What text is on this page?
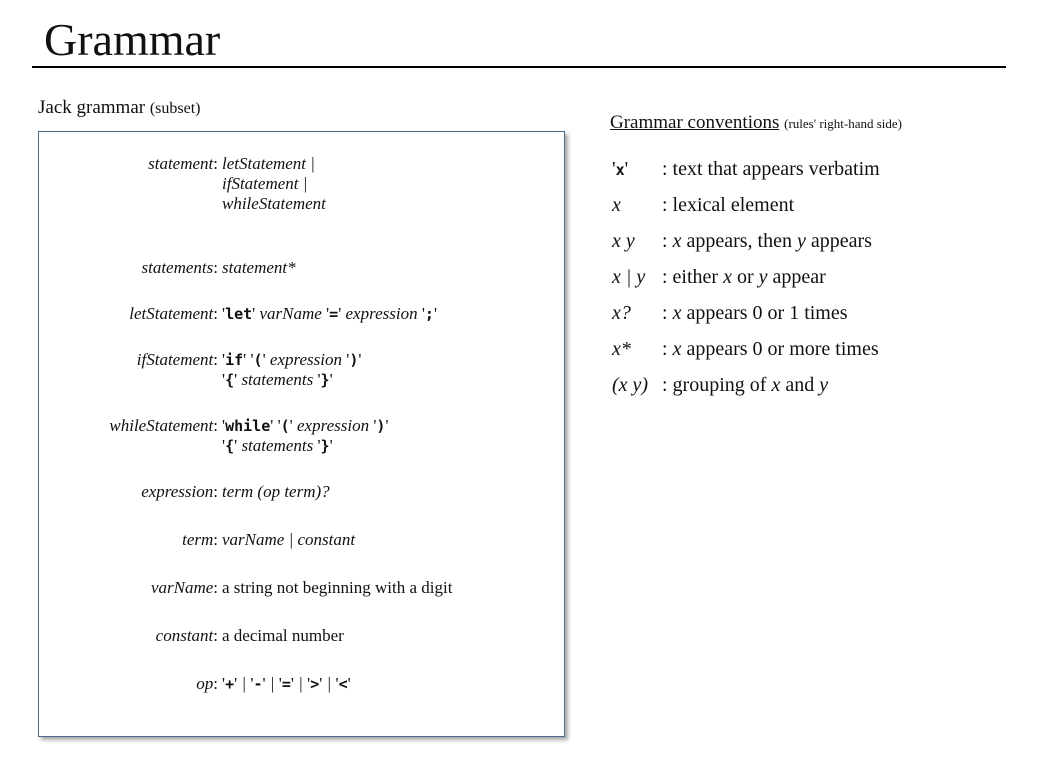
Grammar
Jack grammar (subset)
statement: letStatement |
ifStatement |
whileStatement
statements: statement*
letStatement: 'let' varName '=' expression ';'
ifStatement: 'if' '(' expression ')'
'{' statements '}'
whileStatement: 'while' '(' expression ')'
'{' statements '}'
expression: term (op term)?
term: varName | constant
varName: a string not beginning with a digit
constant: a decimal number
op: '+' | '-' | '=' | '>' | '<'
Grammar conventions (rules' right-hand side)
'x'	: text that appears verbatim
x	: lexical element
x y	: x appears, then y appears
x | y : either x or y appear
x?	: x appears 0 or 1 times
x*	: x appears 0 or more times
(x y) : grouping of x and y
